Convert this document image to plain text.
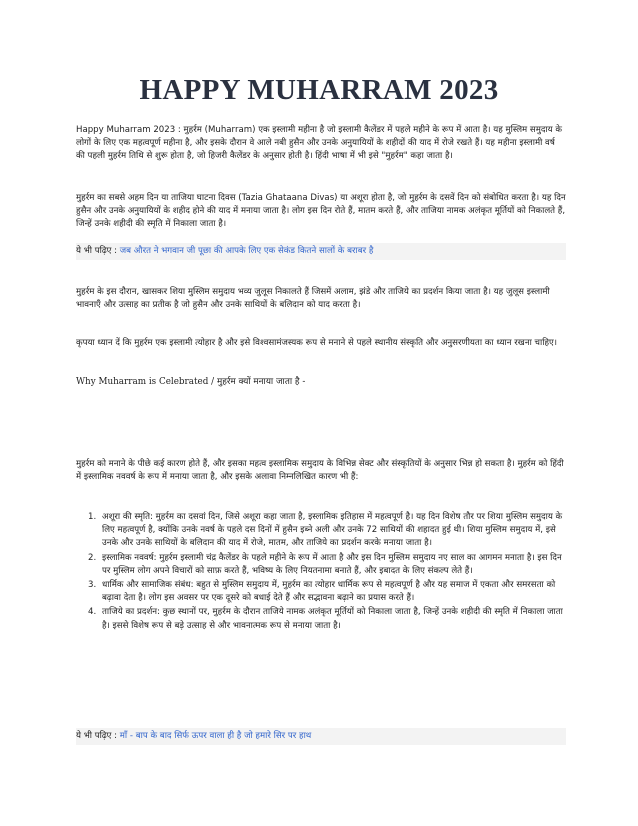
HAPPY MUHARRAM 2023
Happy Muharram 2023 : मुहर्रम (Muharram) एक इस्लामी महीना है जो इस्लामी कैलेंडर में पहले महीने के रूप में आता है। यह मुस्लिम समुदाय के लोगों के लिए एक महत्वपूर्ण महीना है, और इसके दौरान वे आले नबी हुसैन और उनके अनुयायियों के शहीदों की याद में रोजे रखते हैं। यह महीना इस्लामी वर्ष की पहली मुहर्रम तिथि से शुरू होता है, जो हिजरी कैलेंडर के अनुसार होती है। हिंदी भाषा में भी इसे "मुहर्रम" कहा जाता है।
मुहर्रम का सबसे अहम दिन या ताजिया घाटना दिवस (Tazia Ghataana Divas) या अशूरा होता है, जो मुहर्रम के दसवें दिन को संबोधित करता है। यह दिन हुसैन और उनके अनुयायियों के शहीद होने की याद में मनाया जाता है। लोग इस दिन रोते हैं, मातम करते हैं, और ताजिया नामक अलंकृत मूर्तियों को निकालते हैं, जिन्हें उनके शहीदी की स्मृति में निकाला जाता है।
ये भी पढ़िए : जब औरत ने भगवान जी पूछा की आपके लिए एक सेकंड कितने सालों के बराबर है
मुहर्रम के इस दौरान, खासकर शिया मुस्लिम समुदाय भव्य जुलूस निकालते हैं जिसमें अलाम, झंडे और ताजिये का प्रदर्शन किया जाता है। यह जुलूस इस्लामी भावनाएँ और उत्साह का प्रतीक है जो हुसैन और उनके साथियों के बलिदान को याद करता है।
कृपया ध्यान दें कि मुहर्रम एक इस्लामी त्योहार है और इसे विश्वसामंजस्यक रूप से मनाने से पहले स्थानीय संस्कृति और अनुसरणीयता का ध्यान रखना चाहिए।
Why Muharram is Celebrated / मुहर्रम क्यों मनाया जाता है -
मुहर्रम को मनाने के पीछे कई कारण होते हैं, और इसका महत्व इस्लामिक समुदाय के विभिन्न सेक्ट और संस्कृतियों के अनुसार भिन्न हो सकता है। मुहर्रम को हिंदी में इस्लामिक नववर्ष के रूप में मनाया जाता है, और इसके अलावा निम्नलिखित कारण भी हैं:
1. अशूरा की स्मृति: मुहर्रम का दसवां दिन, जिसे अशूरा कहा जाता है, इस्लामिक इतिहास में महत्वपूर्ण है। यह दिन विशेष तौर पर शिया मुस्लिम समुदाय के लिए महत्वपूर्ण है, क्योंकि उनके नवर्ष के पहले दस दिनों में हुसैन इब्ने अली और उनके 72 साथियों की शहादत हुई थी। शिया मुस्लिम समुदाय में, इसे उनके और उनके साथियों के बलिदान की याद में रोजे, मातम, और ताजिये का प्रदर्शन करके मनाया जाता है।
2. इस्लामिक नववर्ष: मुहर्रम इस्लामी चंद्र कैलेंडर के पहले महीने के रूप में आता है और इस दिन मुस्लिम समुदाय नए साल का आगमन मनाता है। इस दिन पर मुस्लिम लोग अपने विचारों को साफ़ करते हैं, भविष्य के लिए नियतनामा बनाते हैं, और इबादत के लिए संकल्प लेते हैं।
3. धार्मिक और सामाजिक संबंध: बहुत से मुस्लिम समुदाय में, मुहर्रम का त्योहार धार्मिक रूप से महत्वपूर्ण है और यह समाज में एकता और समरसता को बढ़ावा देता है। लोग इस अवसर पर एक दूसरे को बधाई देते हैं और सद्भावना बढ़ाने का प्रयास करते हैं।
4. ताजिये का प्रदर्शन: कुछ स्थानों पर, मुहर्रम के दौरान ताजिये नामक अलंकृत मूर्तियों को निकाला जाता है, जिन्हें उनके शहीदी की स्मृति में निकाला जाता है। इससे विशेष रूप से बड़े उत्साह से और भावनात्मक रूप से मनाया जाता है।
ये भी पढ़िए : माँ - बाप के बाद सिर्फ ऊपर वाला ही है जो हमारे सिर पर हाथ
